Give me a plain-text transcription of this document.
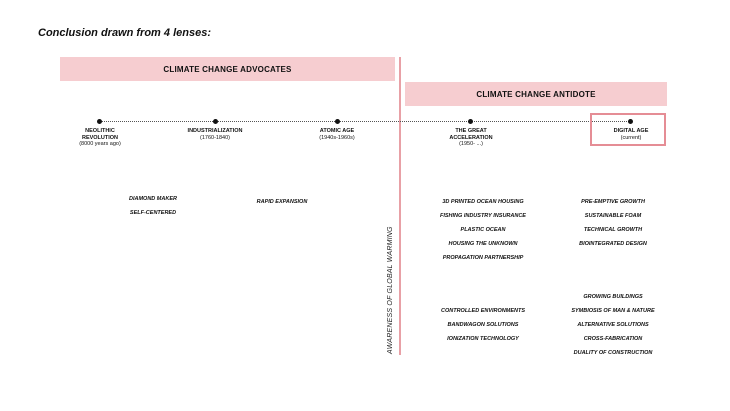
Conclusion drawn from 4 lenses:
CLIMATE CHANGE ADVOCATES
CLIMATE CHANGE ANTIDOTE
AWARENESS OF GLOBAL WARMING
NEOLITHIC REVOLUTION
(8000 years ago)
INDUSTRIALIZATION
(1760-1840)
ATOMIC AGE
(1940s-1960s)
THE GREAT ACCELERATION
(1950- ...)
DIGITAL AGE
(current)
DIAMOND MAKER
SELF-CENTERED
RAPID EXPANSION	3D PRINTED OCEAN HOUSING
FISHING INDUSTRY INSURANCE
PLASTIC OCEAN
HOUSING THE UNKNOWN
PROPAGATION PARTNERSHIP
PRE-EMPTIVE GROWTH
SUSTAINABLE FOAM
TECHNICAL GROWTH
BIOINTEGRATED DESIGN
CONTROLLED ENVIRONMENTS
BANDWAGON SOLUTIONS
IONIZATION TECHNOLOGY
GROWING BUILDINGS
SYMBIOSIS OF MAN & NATURE
ALTERNATIVE SOLUTIONS
CROSS-FABRICATION
DUALITY OF CONSTRUCTION
